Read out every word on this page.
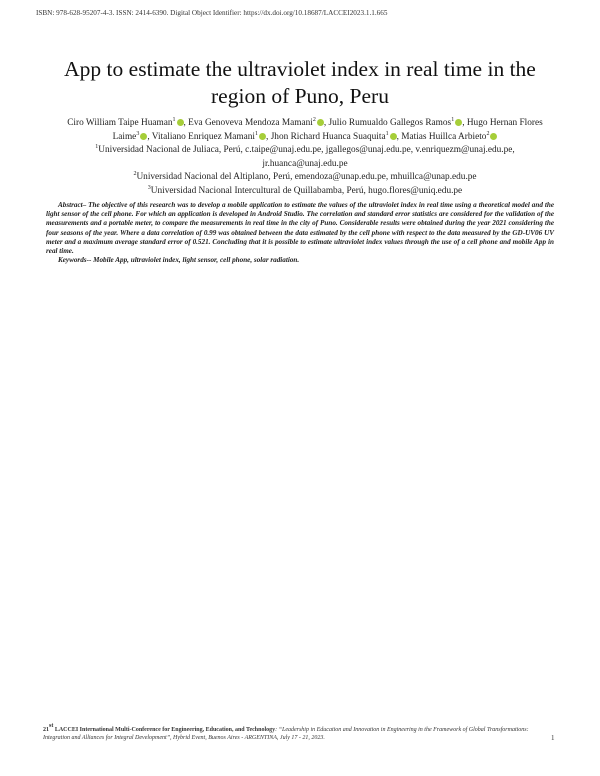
ISBN: 978-628-95207-4-3. ISSN: 2414-6390. Digital Object Identifier: https://dx.doi.org/10.18687/LACCEI2023.1.1.665
App to estimate the ultraviolet index in real time in the region of Puno, Peru
Ciro William Taipe Huaman$^1$ , Eva Genoveva Mendoza Mamani$^2$ , Julio Rumualdo Gallegos Ramos$^1$ , Hugo Hernan Flores Laime$^3$ , Vitaliano Enriquez Mamani$^1$ , Jhon Richard Huanca Suaquita$^1$ , Matias Huillca Arbieto$^2$
$^1$Universidad Nacional de Juliaca, Perú, c.taipe@unaj.edu.pe, jgallegos@unaj.edu.pe, v.enriquezm@unaj.edu.pe, jr.huanca@unaj.edu.pe
$^2$Universidad Nacional del Altiplano, Perú, emendoza@unap.edu.pe, mhuillca@unap.edu.pe
$^3$Universidad Nacional Intercultural de Quillabamba, Perú, hugo.flores@uniq.edu.pe

Abstract– The objective of this research was to develop a mobile application to estimate the values of the ultraviolet index in real time using a theoretical model and the light sensor of the cell phone. For which an application is developed in Android Studio. The correlation and standard error statistics are considered for the validation of the measurements and a portable meter, to compare the measurements in real time in the city of Puno. Considerable results were obtained during the year 2021 considering the four seasons of the year. Where a data correlation of 0.99 was obtained between the data estimated by the cell phone with respect to the data measured by the GD-UV06 UV meter and a maximum average standard error of 0.521. Concluding that it is possible to estimate ultraviolet index values through the use of a cell phone and mobile App in real time.

Keywords-- Mobile App, ultraviolet index, light sensor, cell phone, solar radiation.

21st LACCEI International Multi-Conference for Engineering, Education, and Technology: “Leadership in Education and Innovation in Engineering in the Framework of Global Transformations: Integration and Alliances for Integral Development”, Hybrid Event, Buenos Aires - ARGENTINA, July 17 - 21, 2023.	1
